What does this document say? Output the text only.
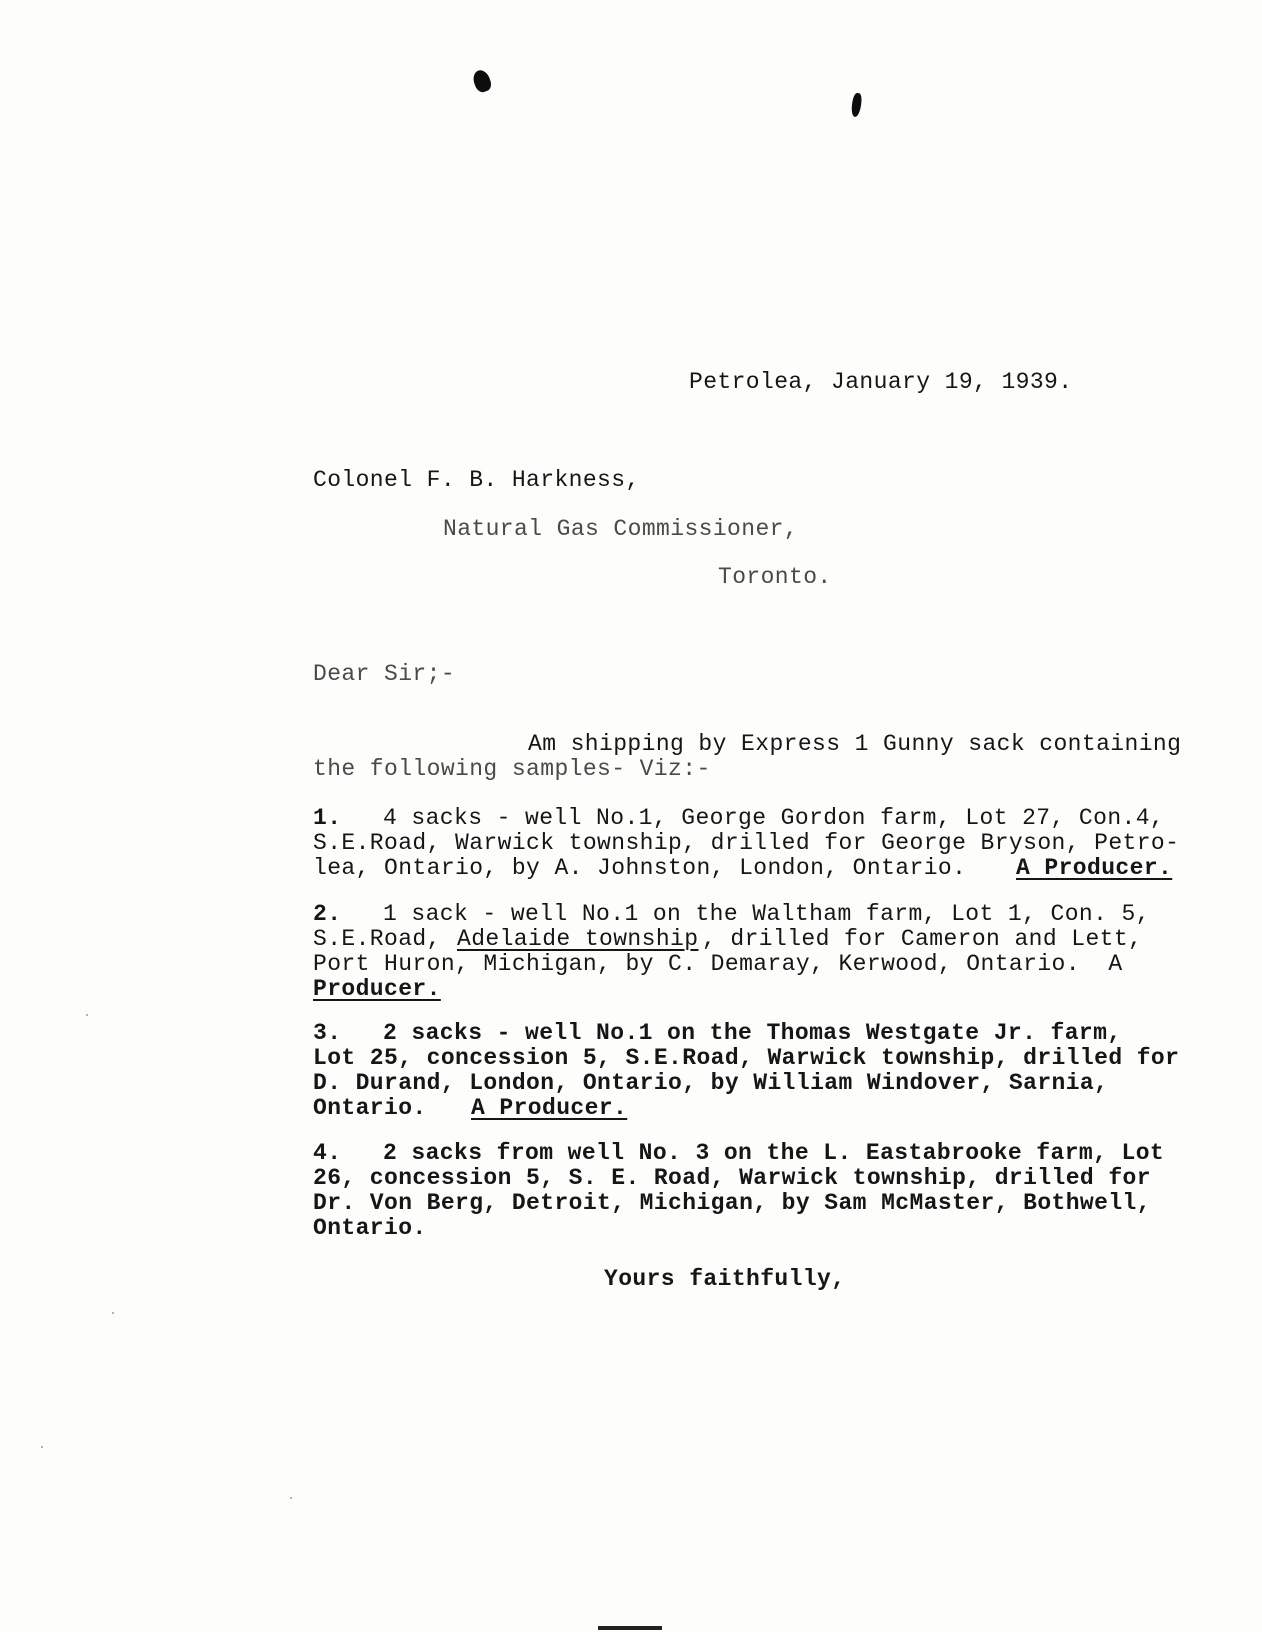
Petrolea, January 19, 1939.
Colonel F. B. Harkness,
Natural Gas Commissioner,
Toronto.
Dear Sir;-
Am shipping by Express 1 Gunny sack containing
the following samples- Viz:-
1. 4 sacks - well No.1, George Gordon farm, Lot 27, Con.4,
S.E.Road, Warwick township, drilled for George Bryson, Petro-
lea, Ontario, by A. Johnston, London, Ontario. A Producer.
2. 1 sack - well No.1 on the Waltham farm, Lot 1, Con. 5,
S.E.Road, Adelaide township , drilled for Cameron and Lett,
Port Huron, Michigan, by C. Demaray, Kerwood, Ontario.  A
Producer.
3. 2 sacks - well No.1 on the Thomas Westgate Jr. farm,
Lot 25, concession 5, S.E.Road, Warwick township, drilled for
D. Durand, London, Ontario, by William Windover, Sarnia,
Ontario. A Producer.
4. 2 sacks from well No. 3 on the L. Eastabrooke farm, Lot
26, concession 5, S. E. Road, Warwick township, drilled for
Dr. Von Berg, Detroit, Michigan, by Sam McMaster, Bothwell,
Ontario.
Yours faithfully,
